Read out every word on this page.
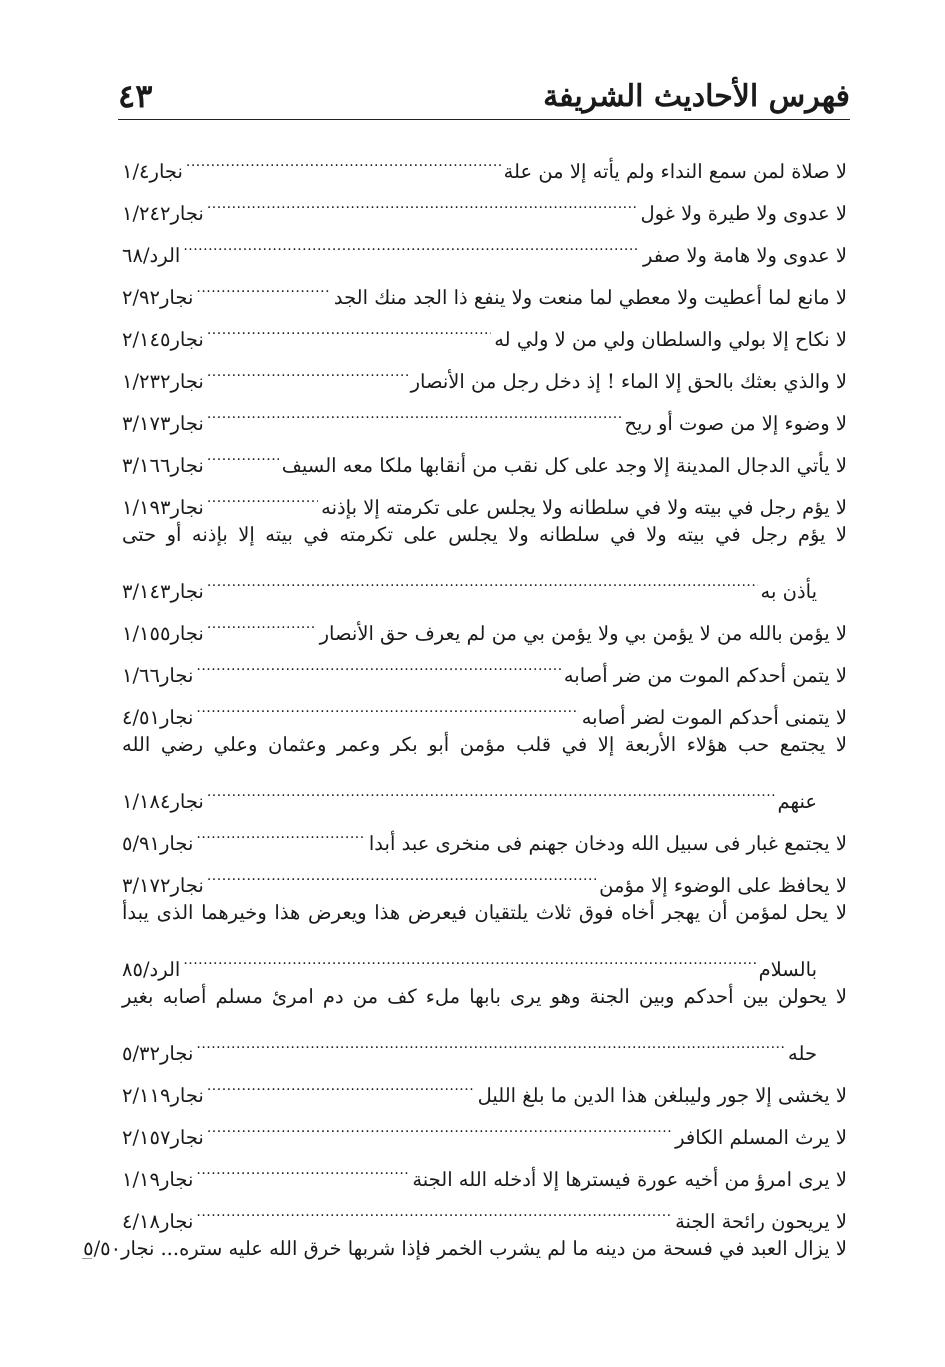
فهرس الأحاديث الشريفة
٤٣
لا صلاة لمن سمع النداء ولم يأته إلا من علة
.....
نجار١/٤
لا عدوى ولا طيرة ولا غول
.....
نجار١/٢٤٢
لا عدوى ولا هامة ولا صفر
.....
الرد/٦٨
لا مانع لما أعطيت ولا معطي لما منعت ولا ينفع ذا الجد منك الجد
.....
نجار٢/٩٢
لا نكاح إلا بولي والسلطان ولي من لا ولي له
.....
نجار٢/١٤٥
لا والذي بعثك بالحق إلا الماء ! إذ دخل رجل من الأنصار
.....
نجار١/٢٣٢
لا وضوء إلا من صوت أو ريح
.....
نجار٣/١٧٣
لا يأتي الدجال المدينة إلا وجد على كل نقب من أنقابها ملكا معه السيف
.....
نجار٣/١٦٦
لا يؤم رجل في بيته ولا في سلطانه ولا يجلس على تكرمته إلا بإذنه
.....
نجار١/١٩٣
لا يؤم رجل في بيته ولا في سلطانه ولا يجلس على تكرمته في بيته إلا بإذنه أو حتى
يأذن به
.....
نجار٣/١٤٣
لا يؤمن بالله من لا يؤمن بي ولا يؤمن بي من لم يعرف حق الأنصار
.....
نجار١/١٥٥
لا يتمن أحدكم الموت من ضر أصابه
.....
نجار١/٦٦
لا يتمنى أحدكم الموت لضر أصابه
.....
نجار٤/٥١
لا يجتمع حب هؤلاء الأربعة إلا في قلب مؤمن أبو بكر وعمر وعثمان وعلي رضي الله
عنهم
.....
نجار١/١٨٤
لا يجتمع غبار فى سبيل الله ودخان جهنم فى منخرى عبد أبدا
.....
نجار٥/٩١
لا يحافظ على الوضوء إلا مؤمن
.....
نجار٣/١٧٢
لا يحل لمؤمن أن يهجر أخاه فوق ثلاث يلتقيان فيعرض هذا ويعرض هذا وخيرهما الذى يبدأ
بالسلام
.....
الرد/٨٥
لا يحولن بين أحدكم وبين الجنة وهو يرى بابها ملء كف من دم امرئ مسلم أصابه بغير
حله
.....
نجار٥/٣٢
لا يخشى إلا جور وليبلغن هذا الدين ما بلغ الليل
.....
نجار٢/١١٩
لا يرث المسلم الكافر
.....
نجار٢/١٥٧
لا يرى امرؤ من أخيه عورة فيسترها إلا أدخله الله الجنة
.....
نجار١/١٩
لا يريحون رائحة الجنة
.....
نجار٤/١٨
لا يزال العبد في فسحة من دينه ما لم يشرب الخمر فإذا شربها خرق الله عليه ستره...
نجار٥/٥٠
